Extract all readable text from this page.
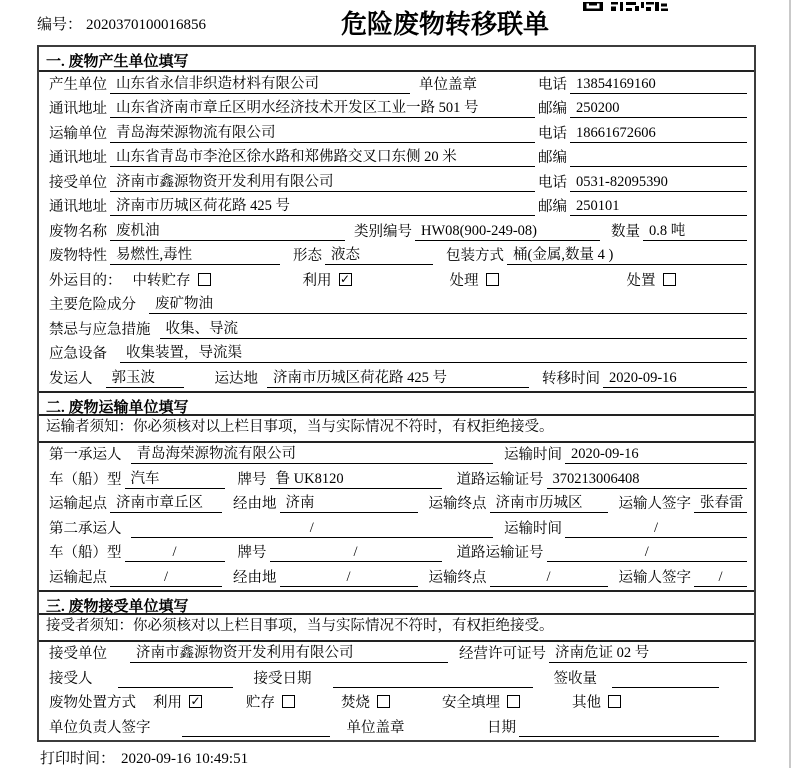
编号： 2020370100016856	危险废物转移联单
一. 废物产生单位填写
产生单位 山东省永信非织造材料有限公司	单位盖章	电话 13854169160
通讯地址 山东省济南市章丘区明水经济技术开发区工业一路 501 号	邮编 250200
运输单位 青岛海荣源物流有限公司	电话 18661672606
通讯地址 山东省青岛市李沧区徐水路和郑佛路交叉口东侧 20 米	邮编
接受单位 济南市鑫源物资开发利用有限公司	电话 0531-82095390
通讯地址 济南市历城区荷花路 425 号	邮编 250101
废物名称 废机油	类别编号 HW08(900-249-08)	数量 0.8 吨
废物特性 易燃性,毒性	形态 液态	包装方式 桶(金属,数量 4 )
外运目的： 中转贮存	利用 ✓	处理	处置
主要危险成分	废矿物油
禁忌与应急措施	收集、导流
应急设备	收集装置，导流渠
发运人	郭玉波	运达地	济南市历城区荷花路 425 号	转移时间 2020-09-16
二. 废物运输单位填写
运输者须知： 你必须核对以上栏目事项，当与实际情况不符时，有权拒绝接受。
第一承运人	青岛海荣源物流有限公司	运输时间 2020-09-16
车（船）型 汽车	牌号 鲁 UK8120	道路运输证号 370213006408
运输起点 济南市章丘区	经由地 济南	运输终点 济南市历城区	运输人签字 张春雷
第二承运人	/	运输时间	/
车（船）型	/	牌号	/	道路运输证号	/
运输起点	/	经由地	/	运输终点	/	运输人签字	/
三. 废物接受单位填写
接受者须知： 你必须核对以上栏目事项，当与实际情况不符时，有权拒绝接受。
接受单位	济南市鑫源物资开发利用有限公司	经营许可证号 济南危证 02 号
接受人	接受日期	签收量
废物处置方式 利用 ✓	贮存	焚烧	安全填埋	其他
单位负责人签字	单位盖章	日期
打印时间： 2020-09-16 10:49:51
